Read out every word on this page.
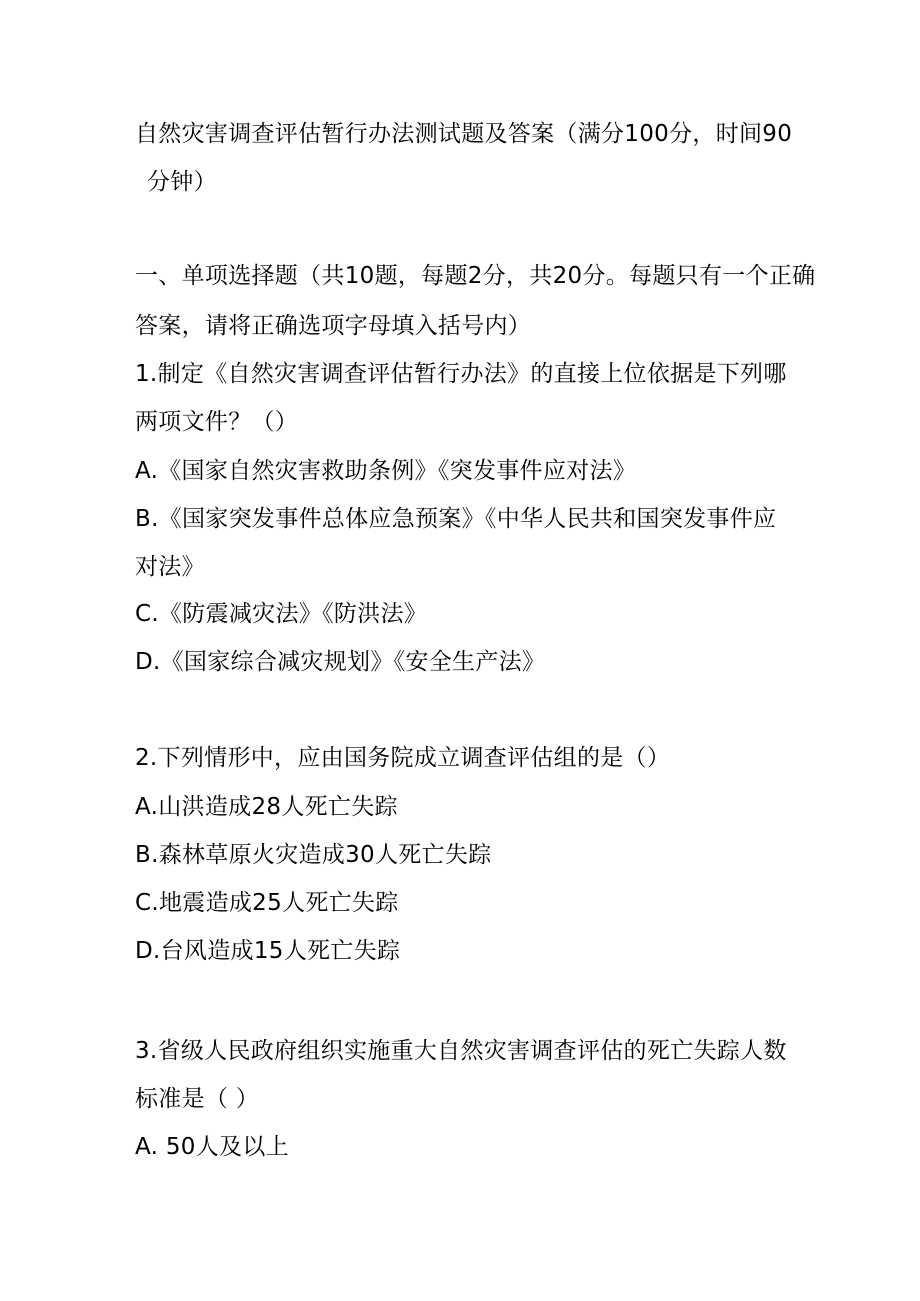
自然灾害调查评估暂行办法测试题及答案（满分100分，时间90
分钟）
一、单项选择题（共10题，每题2分，共20分。每题只有一个正确
答案，请将正确选项字母填入括号内）
1.制定《自然灾害调查评估暂行办法》的直接上位依据是下列哪
两项文件？（）
A.《国家自然灾害救助条例》《突发事件应对法》
B.《国家突发事件总体应急预案》《中华人民共和国突发事件应
对法》
C.《防震减灾法》《防洪法》
D.《国家综合减灾规划》《安全生产法》
2.下列情形中，应由国务院成立调查评估组的是（）
A.山洪造成28人死亡失踪
B.森林草原火灾造成30人死亡失踪
C.地震造成25人死亡失踪
D.台风造成15人死亡失踪
3.省级人民政府组织实施重大自然灾害调查评估的死亡失踪人数
标准是（ ）
A. 50人及以上
